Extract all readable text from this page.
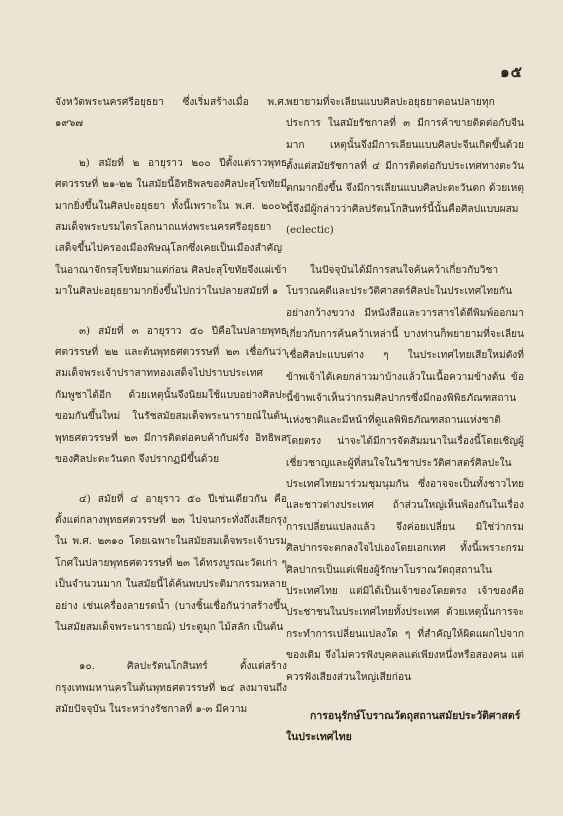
๑๕

จังหวัดพระนครศรีอยุธยา ซึ่งเริ่มสร้างเมื่อ พ.ศ. ๑๙๖๗

๒) สมัยที่ ๒ อายุราว ๒๐๐ ปีตั้งแต่ราวพุทธศตวรรษที่ ๒๑-๒๒ ในสมัยนี้อิทธิพลของศิลปะสุโขทัยมีมากยิ่งขึ้นในศิลปะอยุธยา ทั้งนี้เพราะใน พ.ศ. ๒๐๐๖ สมเด็จพระบรมไตรโลกนาถแห่งพระนครศรีอยุธยาเสด็จขึ้นไปครองเมืองพิษณุโลกซึ่งเคยเป็นเมืองสำคัญในอาณาจักรสุโขทัยมาแต่ก่อน ศิลปะสุโขทัยจึงแผ่เข้ามาในศิลปะอยุธยามากยิ่งขึ้นไปกว่าในปลายสมัยที่ ๑

๓) สมัยที่ ๓ อายุราว ๕๐ ปีคือในปลายพุทธศตวรรษที่ ๒๒ และต้นพุทธศตวรรษที่ ๒๓ เชื่อกันว่าสมเด็จพระเจ้าปราสาททองเสด็จไปปราบประเทศกัมพูชาได้อีก ด้วยเหตุนั้นจึงนิยมใช้แบบอย่างศิลปะขอมกันขึ้นใหม่ ในรัชสมัยสมเด็จพระนารายณ์ในต้นพุทธศตวรรษที่ ๒๓ มีการติดต่อคบค้ากับฝรั่ง อิทธิพลของศิลปะตะวันตก จึงปรากฏมีขึ้นด้วย

๔) สมัยที่ ๔ อายุราว ๕๐ ปีเช่นเดียวกัน คือตั้งแต่กลางพุทธศตวรรษที่ ๒๓ ไปจนกระทั่งถึงเสียกรุงใน พ.ศ. ๒๓๑๐ โดยเฉพาะในสมัยสมเด็จพระเจ้าบรมโกศในปลายพุทธศตวรรษที่ ๒๓ ได้ทรงบูรณะวัดเก่า ๆ เป็นจำนวนมาก ในสมัยนี้ได้ค้นพบประติมากรรมหลายอย่าง เช่นเครื่องลายรดน้ำ (บางชิ้นเชื่อกันว่าสร้างขึ้นในสมัยสมเด็จพระนารายณ์) ประตูมุก ไม้สลัก เป็นต้น

๑๐. ศิลปะรัตนโกสินทร์ ตั้งแต่สร้างกรุงเทพมหานครในต้นพุทธศตวรรษที่ ๒๔ ลงมาจนถึงสมัยปัจจุบัน ในระหว่างรัชกาลที่ ๑-๓ มีความ

พยายามที่จะเลียนแบบศิลปะอยุธยาตอนปลายทุกประการ ในสมัยรัชกาลที่ ๓ มีการค้าขายติดต่อกับจีนมาก เหตุนั้นจึงมีการเลียนแบบศิลปะจีนเกิดขึ้นด้วย ตั้งแต่สมัยรัชกาลที่ ๔ มีการติดต่อกับประเทศทางตะวันตกมากยิ่งขึ้น จึงมีการเลียนแบบศิลปะตะวันตก ด้วยเหตุนี้จึงมีผู้กล่าวว่าศิลปรัตนโกสินทร์นี้นั้นคือศิลปแบบผสม (eclectic)

ในปัจจุบันได้มีการสนใจค้นคว้าเกี่ยวกับวิชาโบราณคดีและประวัติศาสตร์ศิลปะในประเทศไทยกันอย่างกว้างขวาง มีหนังสือและวารสารได้ตีพิมพ์ออกมาเกี่ยวกับการค้นคว้าเหล่านี้ บางท่านก็พยายามที่จะเลียนเชื่อศิลปะแบบต่าง ๆ ในประเทศไทยเสียใหม่ดังที่ข้าพเจ้าได้เคยกล่าวมาบ้างแล้วในเนื้อความข้างต้น ข้อนี้ข้าพเจ้าเห็นว่ากรมศิลปากรซึ่งมีกองพิพิธภัณฑสถานแห่งชาติและมีหน้าที่ดูแลพิพิธภัณฑสถานแห่งชาติโดยตรง น่าจะได้มีการจัดสัมมนาในเรื่องนี้โดยเชิญผู้เชี่ยวชาญและผู้ที่สนใจในวิชาประวัติศาสตร์ศิลปะในประเทศไทยมาร่วมชุมนุมกัน ซึ่งอาจจะเป็นทั้งชาวไทยและชาวต่างประเทศ ถ้าส่วนใหญ่เห็นพ้องกันในเรื่องการเปลี่ยนแปลงแล้ว จึงค่อยเปลี่ยน มิใช่ว่ากรมศิลปากรจะตกลงใจไปเองโดยเอกเทศ ทั้งนี้เพราะกรมศิลปากรเป็นแต่เพียงผู้รักษาโบราณวัตถุสถานในประเทศไทย แต่มิได้เป็นเจ้าของโดยตรง เจ้าของคือประชาชนในประเทศไทยทั้งประเทศ ด้วยเหตุนั้นการจะกระทำการเปลี่ยนแปลงใด ๆ ที่สำคัญให้ผิดแผกไปจากของเดิม จึงไม่ควรฟังบุคคลแต่เพียงหนึ่งหรือสองคน แต่ควรฟังเสียงส่วนใหญ่เสียก่อน

การอนุรักษ์โบราณวัตถุสถานสมัยประวัติศาสตร์ในประเทศไทย
